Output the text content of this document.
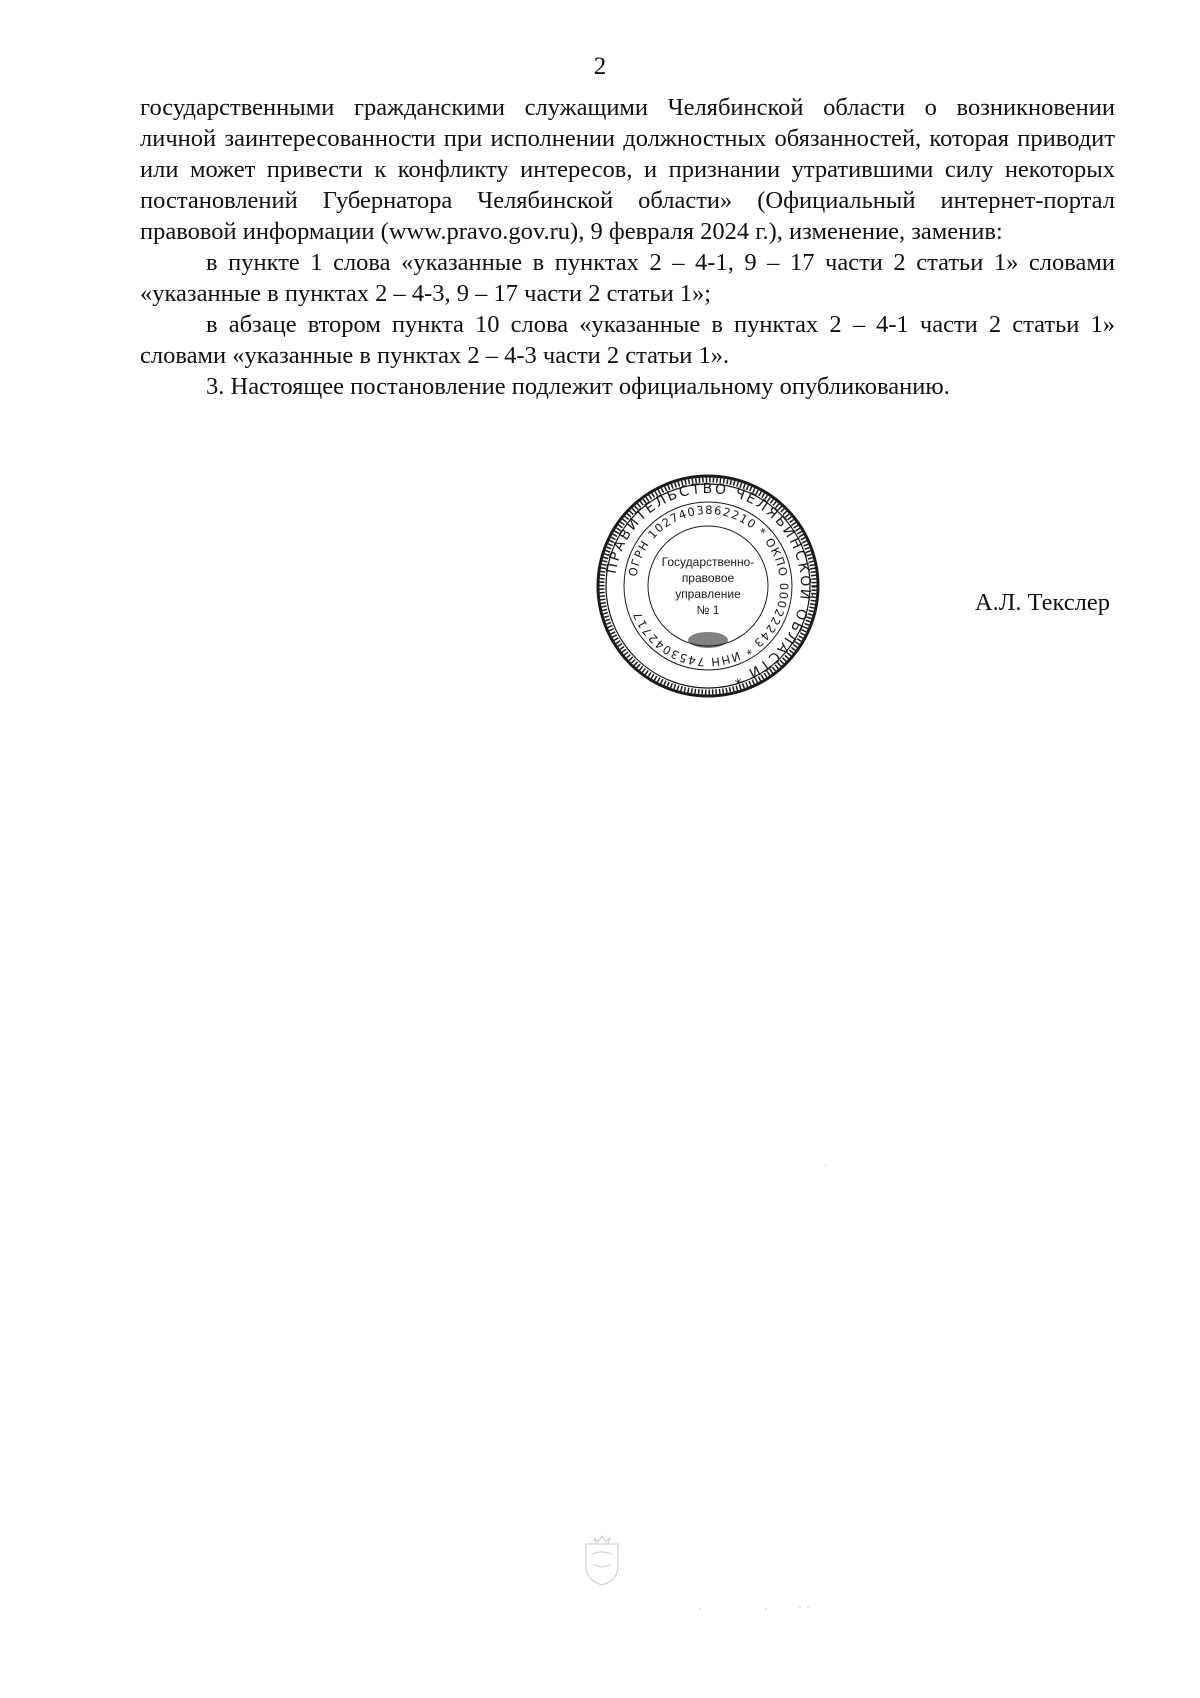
2

государственными гражданскими служащими Челябинской области о возникновении личной заинтересованности при исполнении должностных обязанностей, которая приводит или может привести к конфликту интересов, и признании утратившими силу некоторых постановлений Губернатора Челябинской области» (Официальный интернет-портал правовой информации (www.pravo.gov.ru), 9 февраля 2024 г.), изменение, заменив:

в пункте 1 слова «указанные в пунктах 2 – 4-1, 9 – 17 части 2 статьи 1» словами «указанные в пунктах 2 – 4-3, 9 – 17 части 2 статьи 1»;

в абзаце втором пункта 10 слова «указанные в пунктах 2 – 4-1 части 2 статьи 1» словами «указанные в пунктах 2 – 4-3 части 2 статьи 1».

3. Настоящее постановление подлежит официальному опубликованию.

ПРАВИТЕЛЬСТВО ЧЕЛЯБИНСКОЙ ОБЛАСТИ *
ОГРН 1027403862210 * ОКПО 00022243 * ИНН 7453042717
Государственно-
правовое
управление
№ 1	А.Л. Текслер
